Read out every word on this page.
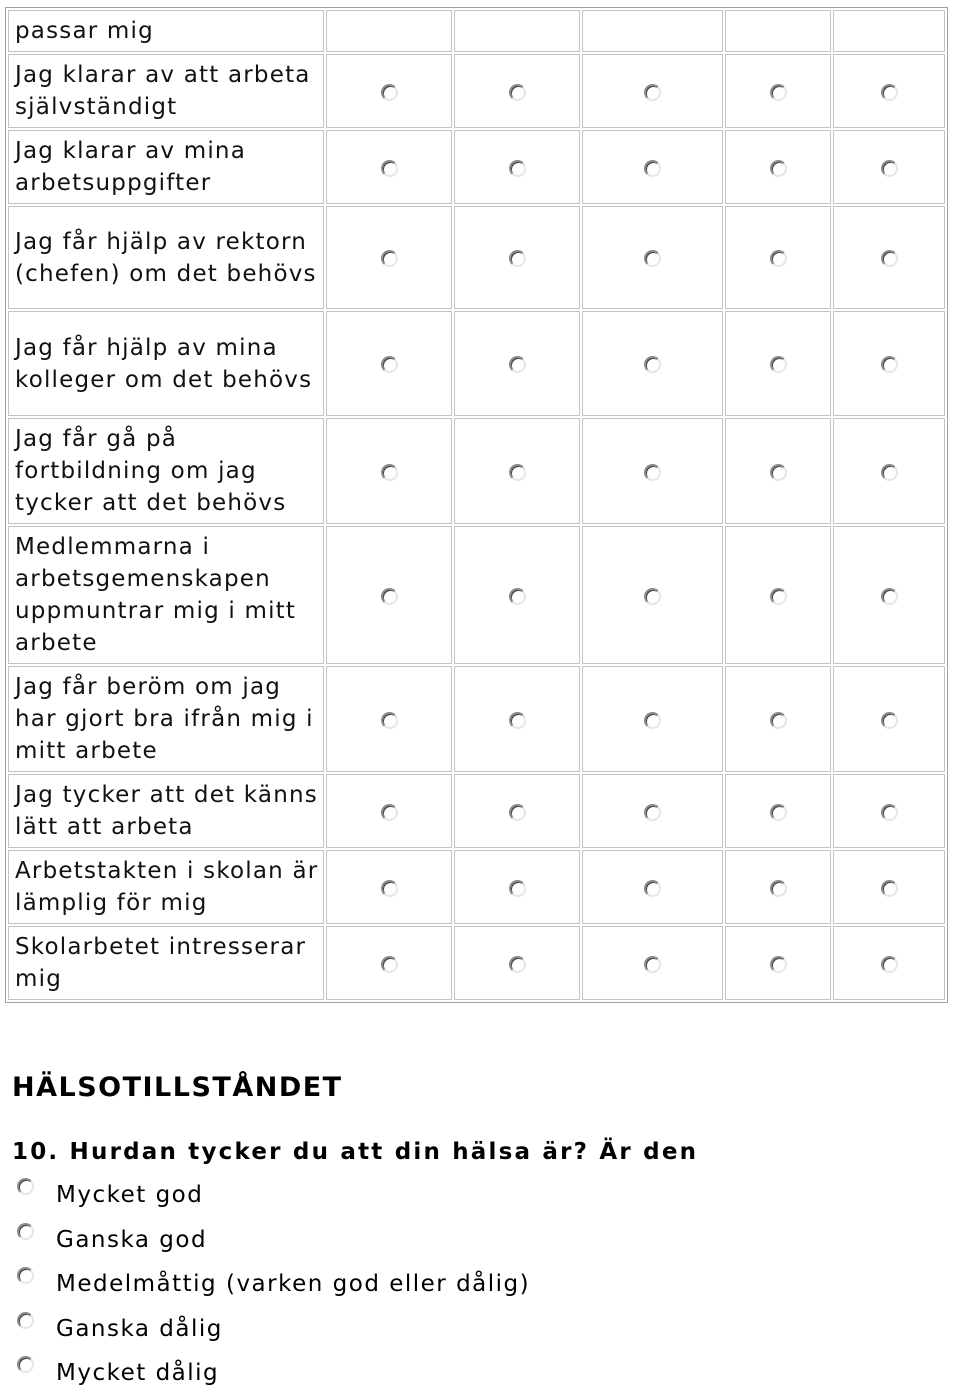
passar mig					
Jag klarar av att arbeta självständigt					
Jag klarar av mina arbetsuppgifter					
Jag får hjälp av rektorn (chefen) om det behövs					
Jag får hjälp av mina kolleger om det behövs					
Jag får gå på fortbildning om jag tycker att det behövs					
Medlemmarna i arbetsgemenskapen uppmuntrar mig i mitt arbete					
Jag får beröm om jag har gjort bra ifrån mig i mitt arbete					
Jag tycker att det känns lätt att arbeta					
Arbetstakten i skolan är lämplig för mig					
Skolarbetet intresserar mig					
HÄLSOTILLSTÅNDET
10. Hurdan tycker du att din hälsa är? Är den
Mycket god
Ganska god
Medelmåttig (varken god eller dålig)
Ganska dålig
Mycket dålig
